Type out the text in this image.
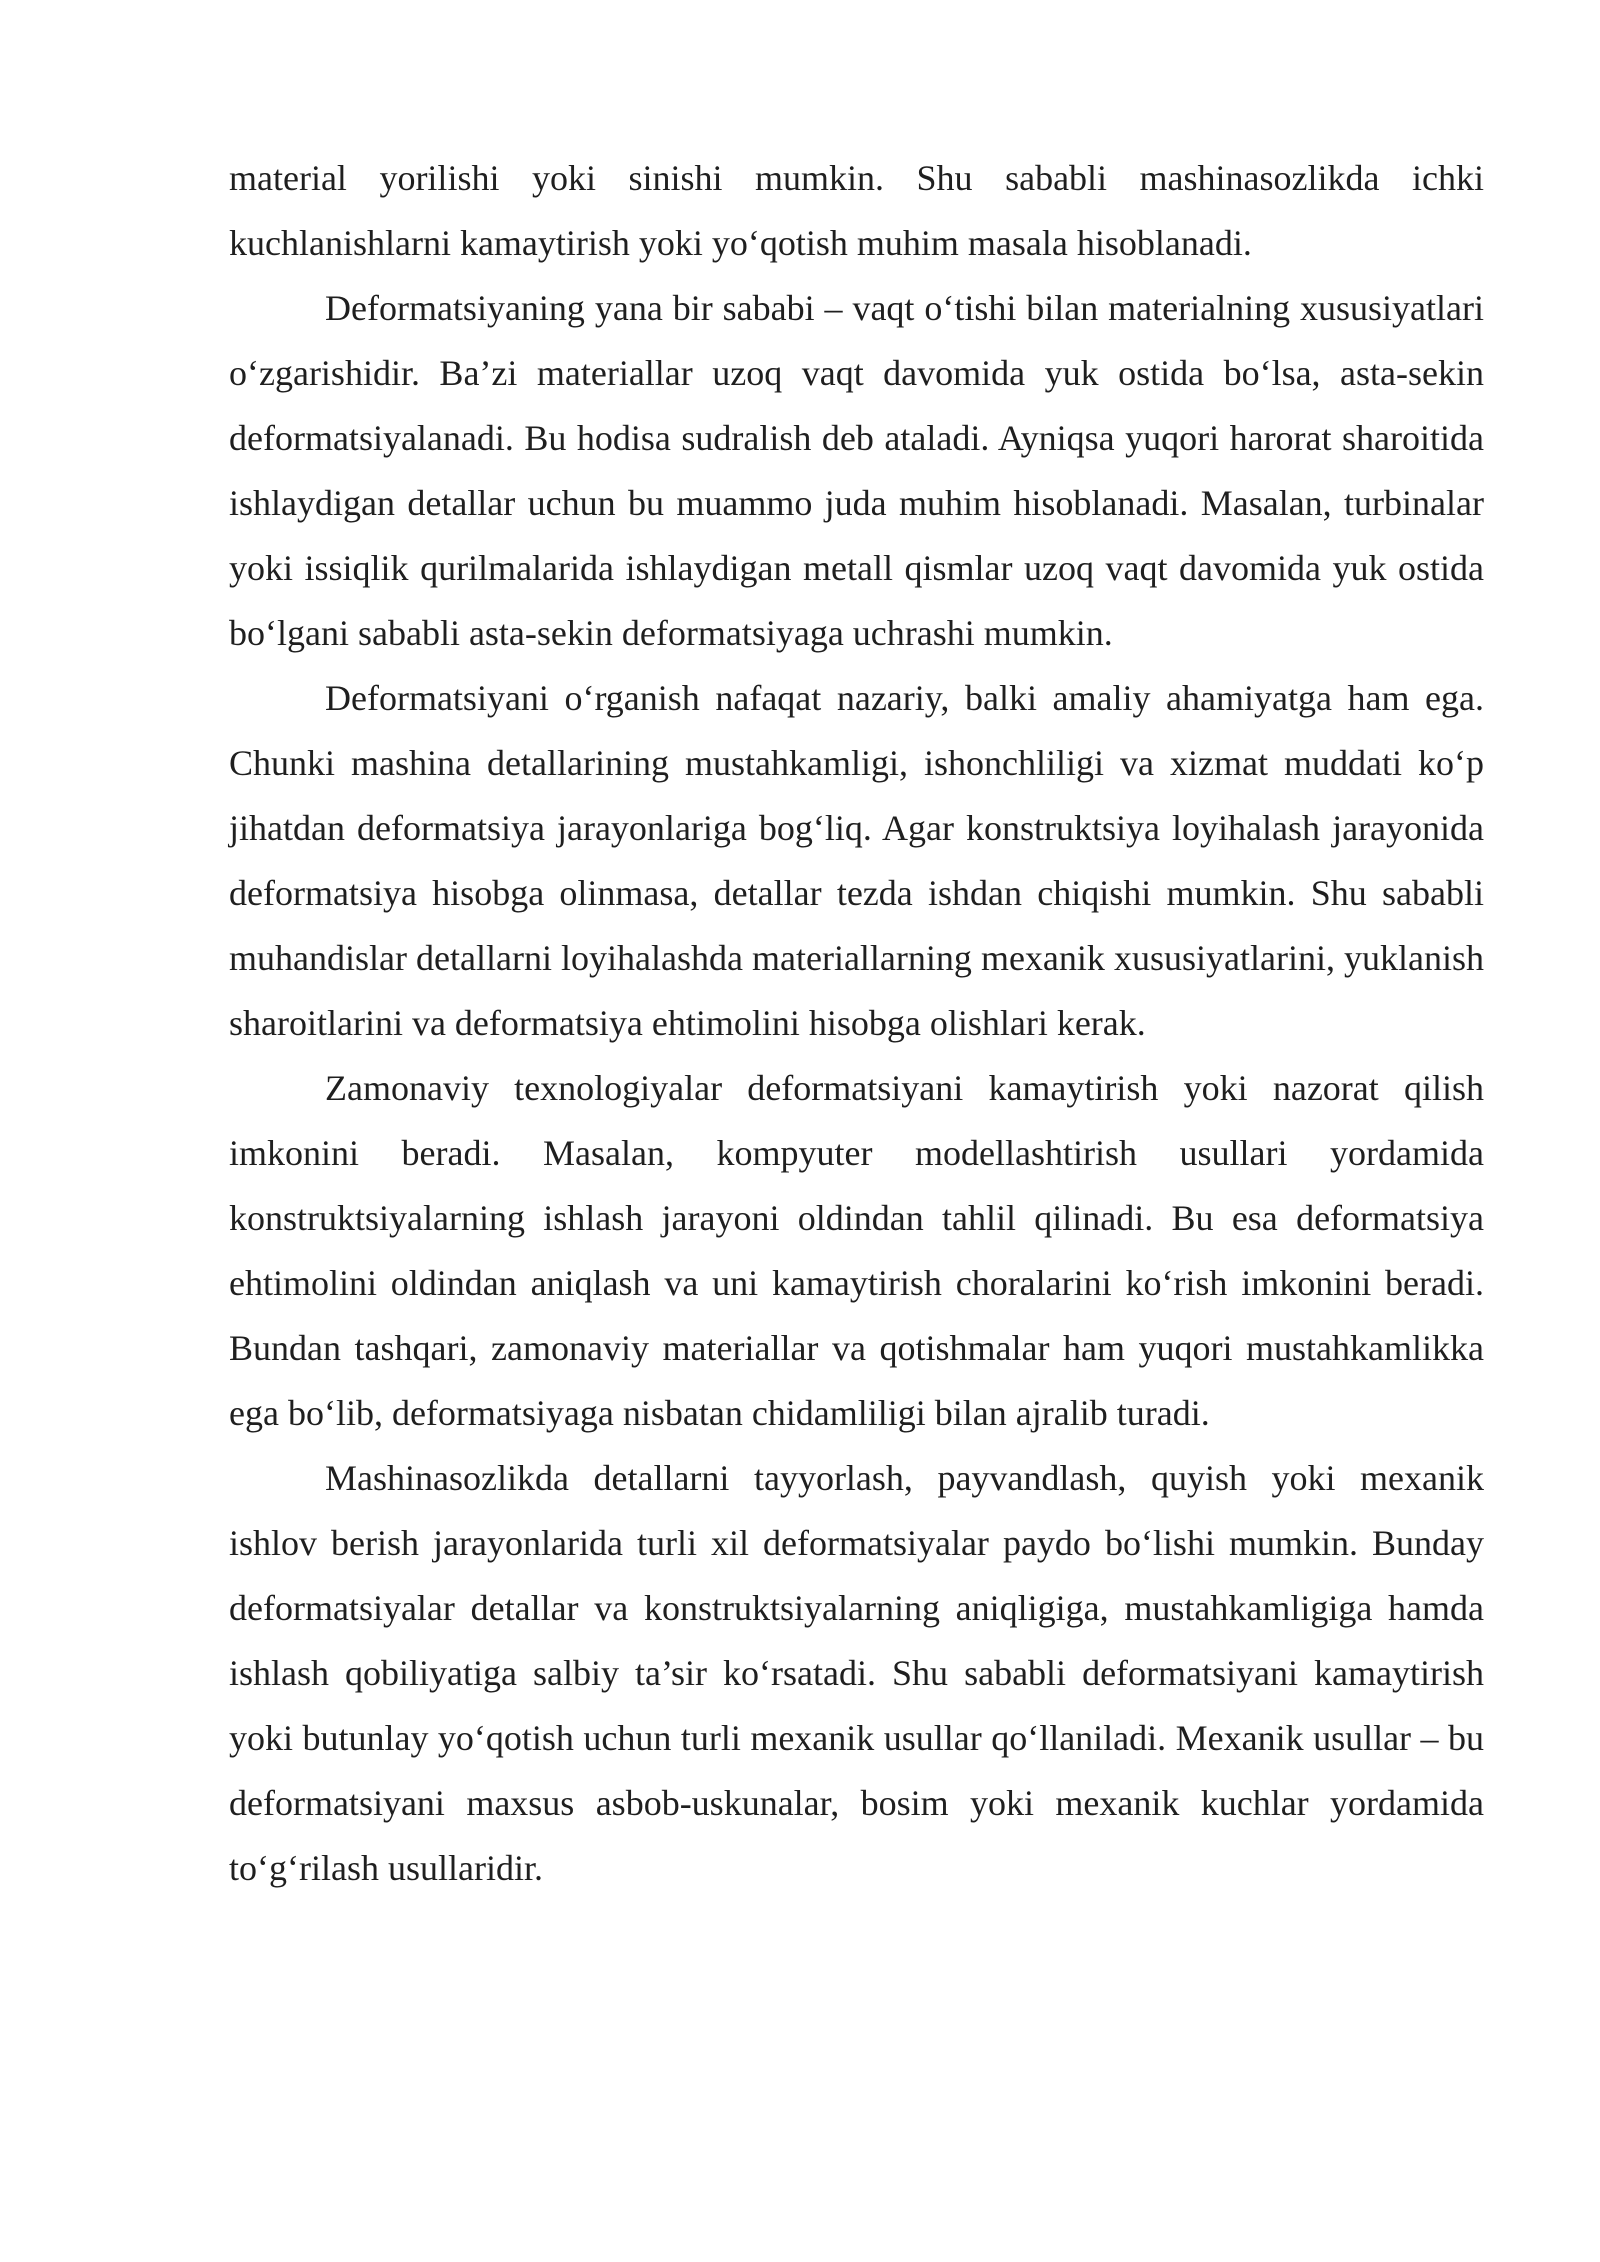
material yorilishi yoki sinishi mumkin. Shu sababli mashinasozlikda ichki kuchlanishlarni kamaytirish yoki yo‘qotish muhim masala hisoblanadi.

Deformatsiyaning yana bir sababi – vaqt o‘tishi bilan materialning xususiyatlari o‘zgarishidir. Ba’zi materiallar uzoq vaqt davomida yuk ostida bo‘lsa, asta-sekin deformatsiyalanadi. Bu hodisa sudralish deb ataladi. Ayniqsa yuqori harorat sharoitida ishlaydigan detallar uchun bu muammo juda muhim hisoblanadi. Masalan, turbinalar yoki issiqlik qurilmalarida ishlaydigan metall qismlar uzoq vaqt davomida yuk ostida bo‘lgani sababli asta-sekin deformatsiyaga uchrashi mumkin.

Deformatsiyani o‘rganish nafaqat nazariy, balki amaliy ahamiyatga ham ega. Chunki mashina detallarining mustahkamligi, ishonchliligi va xizmat muddati ko‘p jihatdan deformatsiya jarayonlariga bog‘liq. Agar konstruktsiya loyihalash jarayonida deformatsiya hisobga olinmasa, detallar tezda ishdan chiqishi mumkin. Shu sababli muhandislar detallarni loyihalashda materiallarning mexanik xususiyatlarini, yuklanish sharoitlarini va deformatsiya ehtimolini hisobga olishlari kerak.

Zamonaviy texnologiyalar deformatsiyani kamaytirish yoki nazorat qilish imkonini beradi. Masalan, kompyuter modellashtirish usullari yordamida konstruktsiyalarning ishlash jarayoni oldindan tahlil qilinadi. Bu esa deformatsiya ehtimolini oldindan aniqlash va uni kamaytirish choralarini ko‘rish imkonini beradi. Bundan tashqari, zamonaviy materiallar va qotishmalar ham yuqori mustahkamlikka ega bo‘lib, deformatsiyaga nisbatan chidamliligi bilan ajralib turadi.

Mashinasozlikda detallarni tayyorlash, payvandlash, quyish yoki mexanik ishlov berish jarayonlarida turli xil deformatsiyalar paydo bo‘lishi mumkin. Bunday deformatsiyalar detallar va konstruktsiyalarning aniqligiga, mustahkamligiga hamda ishlash qobiliyatiga salbiy ta’sir ko‘rsatadi. Shu sababli deformatsiyani kamaytirish yoki butunlay yo‘qotish uchun turli mexanik usullar qo‘llaniladi. Mexanik usullar – bu deformatsiyani maxsus asbob-uskunalar, bosim yoki mexanik kuchlar yordamida to‘g‘rilash usullaridir.
